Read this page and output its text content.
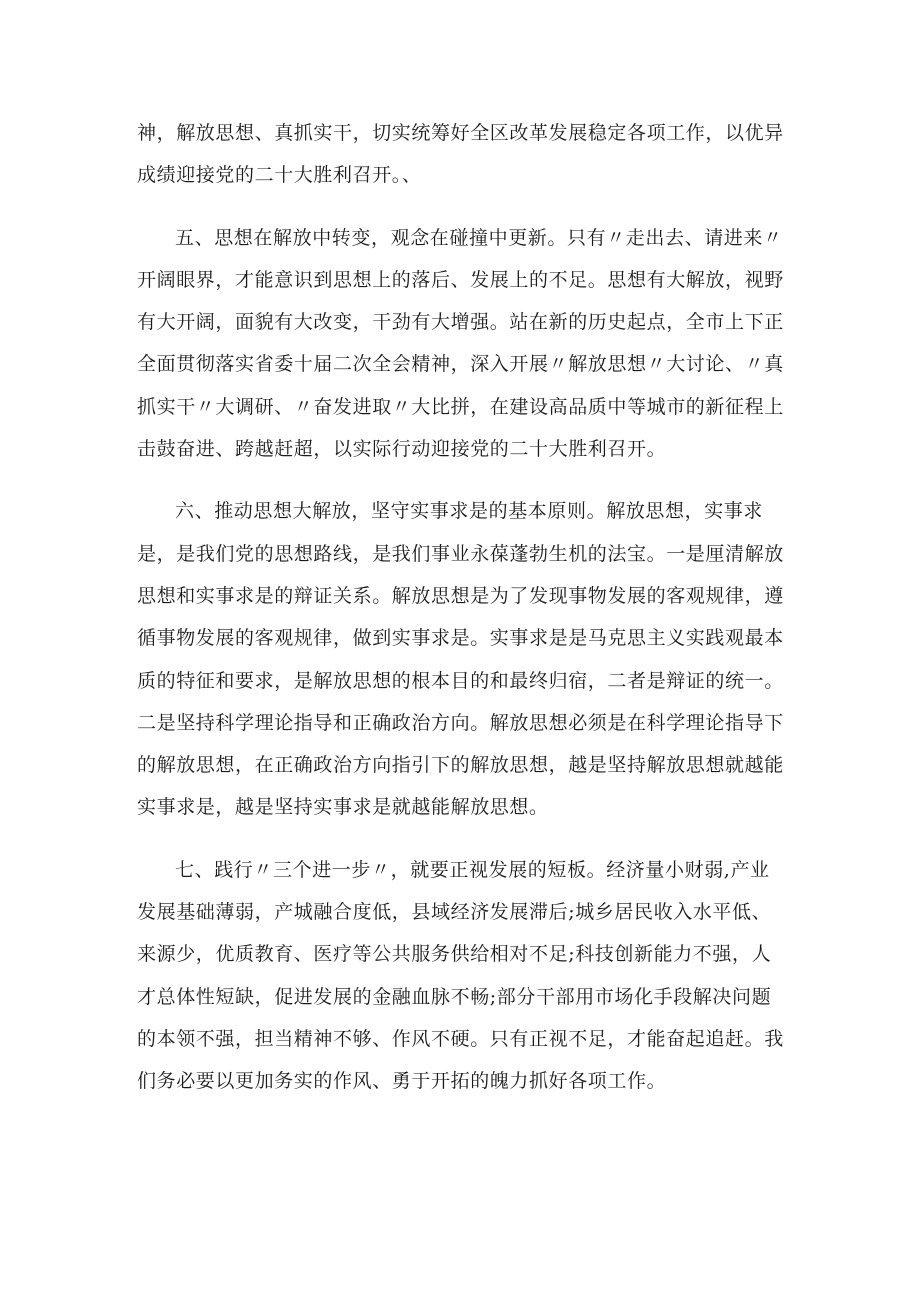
神，解放思想、真抓实干，切实统筹好全区改革发展稳定各项工作，以优异成绩迎接党的二十大胜利召开。、

五、思想在解放中转变，观念在碰撞中更新。只有〃走出去、请进来〃开阔眼界，才能意识到思想上的落后、发展上的不足。思想有大解放，视野有大开阔，面貌有大改变，干劲有大增强。站在新的历史起点，全市上下正全面贯彻落实省委十届二次全会精神，深入开展〃解放思想〃大讨论、〃真抓实干〃大调研、〃奋发进取〃大比拼，在建设高品质中等城市的新征程上击鼓奋进、跨越赶超，以实际行动迎接党的二十大胜利召开。

六、推动思想大解放，坚守实事求是的基本原则。解放思想，实事求是，是我们党的思想路线，是我们事业永葆蓬勃生机的法宝。一是厘清解放思想和实事求是的辩证关系。解放思想是为了发现事物发展的客观规律，遵循事物发展的客观规律，做到实事求是。实事求是是马克思主义实践观最本质的特征和要求，是解放思想的根本目的和最终归宿，二者是辩证的统一。二是坚持科学理论指导和正确政治方向。解放思想必须是在科学理论指导下的解放思想，在正确政治方向指引下的解放思想，越是坚持解放思想就越能实事求是，越是坚持实事求是就越能解放思想。

七、践行〃三个进一步〃，就要正视发展的短板。经济量小财弱,产业发展基础薄弱，产城融合度低，县域经济发展滞后;城乡居民收入水平低、来源少，优质教育、医疗等公共服务供给相对不足;科技创新能力不强，人才总体性短缺，促进发展的金融血脉不畅;部分干部用市场化手段解决问题的本领不强，担当精神不够、作风不硬。只有正视不足，才能奋起追赶。我们务必要以更加务实的作风、勇于开拓的魄力抓好各项工作。
